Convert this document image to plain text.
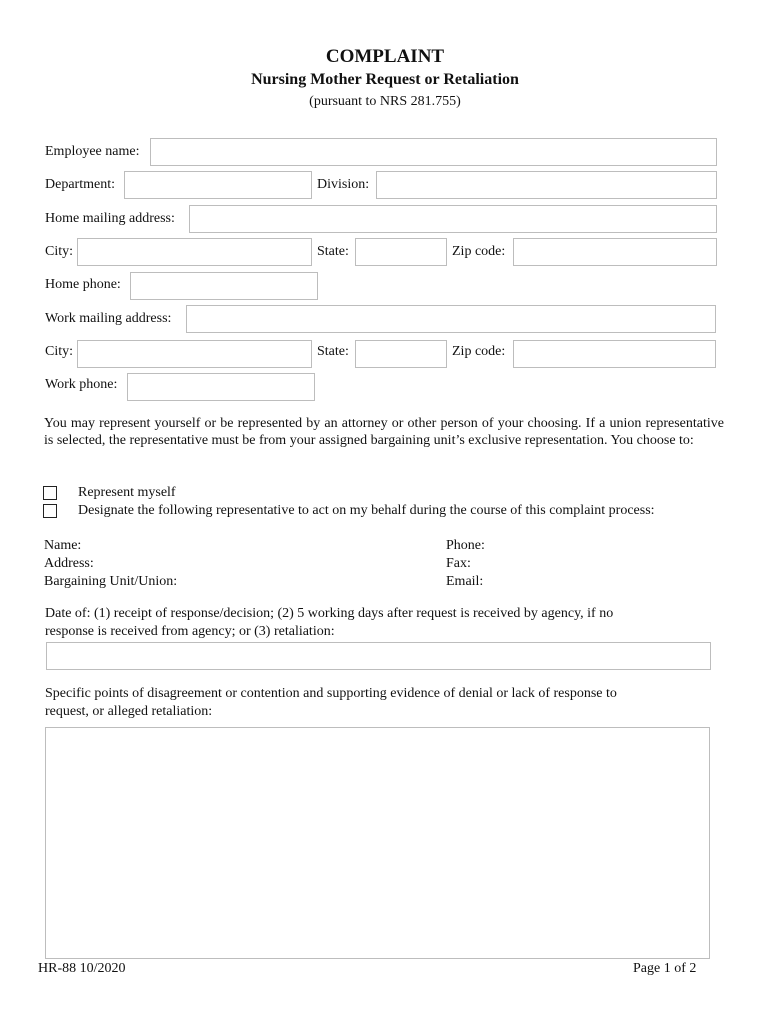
COMPLAINT
Nursing Mother Request or Retaliation
(pursuant to NRS 281.755)
Employee name:
Department:	Division:
Home mailing address:
City:	State:	Zip code:
Home phone:
Work mailing address:
City:	State:	Zip code:
Work phone:
You may represent yourself or be represented by an attorney or other person of your choosing. If a union representative is selected, the representative must be from your assigned bargaining unit’s exclusive representation. You choose to:
Represent myself
Designate the following representative to act on my behalf during the course of this complaint process:
Name:
Address:
Bargaining Unit/Union:
Phone:
Fax:
Email:
Date of: (1) receipt of response/decision; (2) 5 working days after request is received by agency, if no
response is received from agency; or (3) retaliation:
Specific points of disagreement or contention and supporting evidence of denial or lack of response to
request, or alleged retaliation:
HR-88 10/2020	Page 1 of 2
